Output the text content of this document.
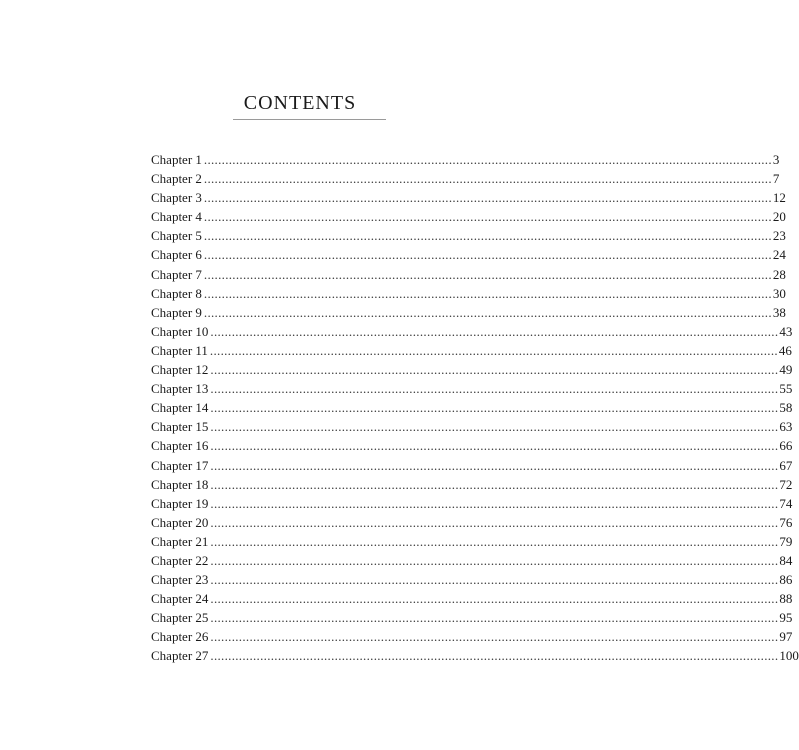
CONTENTS
Chapter 1 ................................................................................................................................................................ 3
Chapter 2 ................................................................................................................................................................ 7
Chapter 3 ................................................................................................................................................................ 12
Chapter 4 ................................................................................................................................................................ 20
Chapter 5 ................................................................................................................................................................ 23
Chapter 6 ................................................................................................................................................................ 24
Chapter 7 ................................................................................................................................................................ 28
Chapter 8 ................................................................................................................................................................ 30
Chapter 9 ................................................................................................................................................................ 38
Chapter 10 ................................................................................................................................................................ 43
Chapter 11 ................................................................................................................................................................ 46
Chapter 12 ................................................................................................................................................................ 49
Chapter 13 ................................................................................................................................................................ 55
Chapter 14 ................................................................................................................................................................ 58
Chapter 15 ................................................................................................................................................................ 63
Chapter 16 ................................................................................................................................................................ 66
Chapter 17 ................................................................................................................................................................ 67
Chapter 18 ................................................................................................................................................................ 72
Chapter 19 ................................................................................................................................................................ 74
Chapter 20 ................................................................................................................................................................ 76
Chapter 21 ................................................................................................................................................................ 79
Chapter 22 ................................................................................................................................................................ 84
Chapter 23 ................................................................................................................................................................ 86
Chapter 24 ................................................................................................................................................................ 88
Chapter 25 ................................................................................................................................................................ 95
Chapter 26 ................................................................................................................................................................ 97
Chapter 27 ................................................................................................................................................................ 100
